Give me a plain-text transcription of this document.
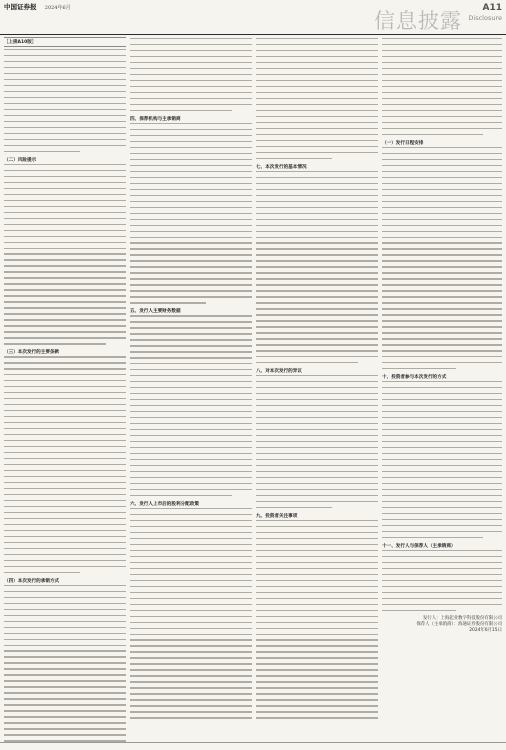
中国证券报 2024年6月
信息披露
A11
Disclosure
［上接A10版］
（二）风险提示
（三）本次发行的主要条款
（四）本次发行的承销方式
四、保荐机构与主承销商
五、发行人主要财务数据
六、发行人上市后的股利分配政策
七、本次发行的基本情况
八、对本次发行的异议
九、投资者关注事项
（一）发行日程安排
十、投资者参与本次发行的方式
十一、发行人与保荐人（主承销商）
发行人：上海起业数字科技股份有限公司
保荐人（主承销商）：海通证券股份有限公司
2024年6月15日
